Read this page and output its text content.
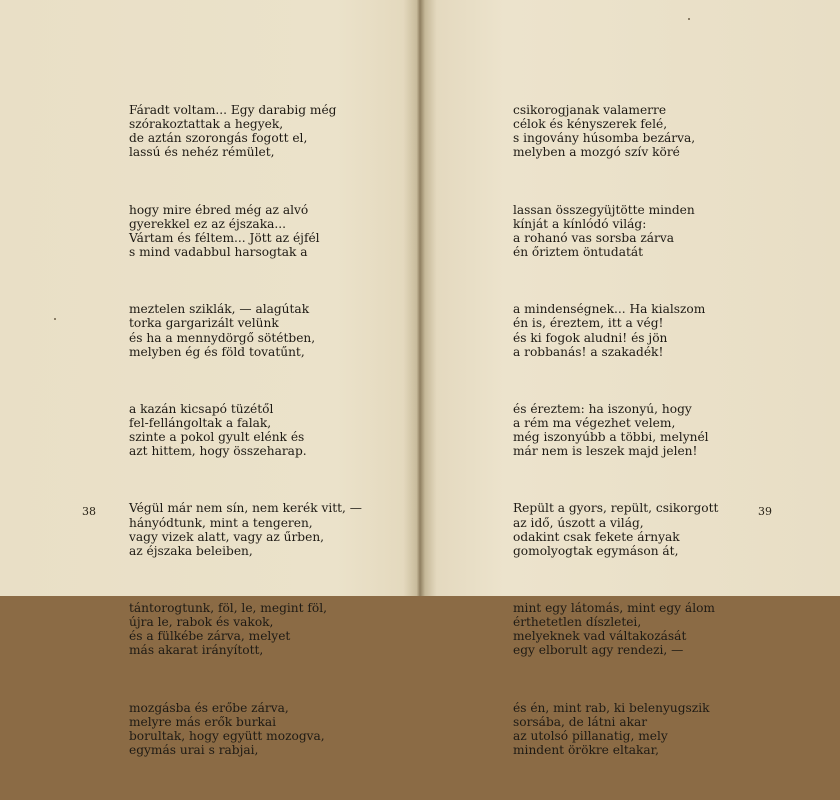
Fáradt voltam... Egy darabig még
szórakoztattak a hegyek,
de aztán szorongás fogott el,
lassú és nehéz rémület,

hogy mire ébred még az alvó
gyerekkel ez az éjszaka...
Vártam és féltem... Jött az éjfél
s mind vadabbul harsogtak a

meztelen sziklák, — alagútak
torka gargarizált velünk
és ha a mennydörgő sötétben,
melyben ég és föld tovatűnt,

a kazán kicsapó tüzétől
fel-fellángoltak a falak,
szinte a pokol gyult elénk és
azt hittem, hogy összeharap.

Végül már nem sín, nem kerék vitt, —
hányódtunk, mint a tengeren,
vagy vizek alatt, vagy az űrben,
az éjszaka beleiben,

tántorogtunk, föl, le, megint föl,
újra le, rabok és vakok,
és a fülkébe zárva, melyet
más akarat irányított,

mozgásba és erőbe zárva,
melyre más erők burkai
borultak, hogy együtt mozogva,
egymás urai s rabjai,

38

csikorogjanak valamerre
célok és kényszerek felé,
s ingovány húsomba bezárva,
melyben a mozgó szív köré

lassan összegyüjtötte minden
kínját a kínlódó világ:
a rohanó vas sorsba zárva
én őriztem öntudatát

a mindenségnek... Ha kialszom
én is, éreztem, itt a vég!
és ki fogok aludni! és jön
a robbanás! a szakadék!

és éreztem: ha iszonyú, hogy
a rém ma végezhet velem,
még iszonyúbb a többi, melynél
már nem is leszek majd jelen!

Repült a gyors, repült, csikorgott
az idő, úszott a világ,
odakint csak fekete árnyak
gomolyogtak egymáson át,

mint egy látomás, mint egy álom
érthetetlen díszletei,
melyeknek vad váltakozását
egy elborult agy rendezi, —

és én, mint rab, ki belenyugszik
sorsába, de látni akar
az utolsó pillanatig, mely
mindent örökre eltakar,

39
